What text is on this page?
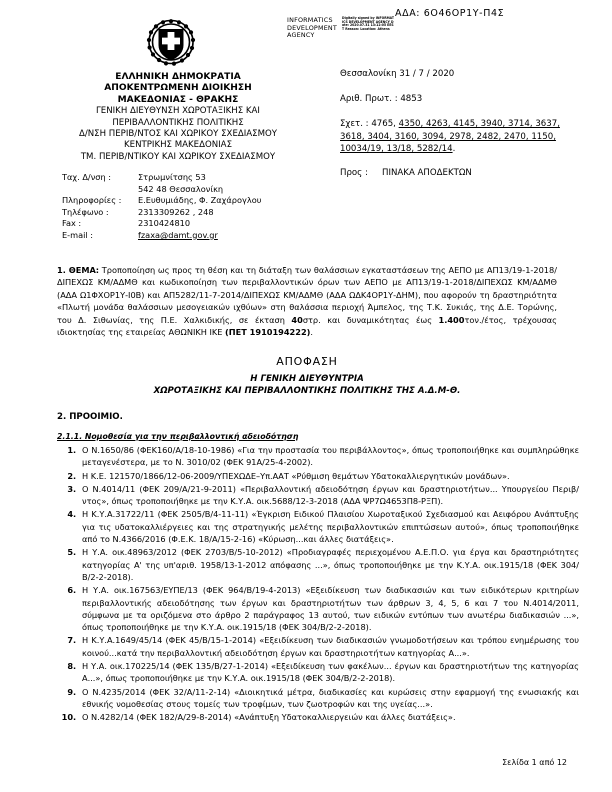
ΑΔΑ: 6Ο46ΟΡ1Υ-Π4Σ
INFORMATICS DEVELOPMENT AGENCY
Digitally signed by INFORMATICS DEVELOPMENT AGENCY Date: 2020.07.31 13:12:05 EEST Reason: Location: Athens
ΕΛΛΗΝΙΚΗ ΔΗΜΟΚΡΑΤΙΑ
ΑΠΟΚΕΝΤΡΩΜΕΝΗ ΔΙΟΙΚΗΣΗ
ΜΑΚΕΔΟΝΙΑΣ - ΘΡΑΚΗΣ
ΓΕΝΙΚΗ ΔΙΕΥΘΥΝΣΗ ΧΩΡΟΤΑΞΙΚΗΣ ΚΑΙ
ΠΕΡΙΒΑΛΛΟΝΤΙΚΗΣ ΠΟΛΙΤΙΚΗΣ
Δ/ΝΣΗ ΠΕΡΙΒ/ΝΤΟΣ ΚΑΙ ΧΩΡΙΚΟΥ ΣΧΕΔΙΑΣΜΟΥ
ΚΕΝΤΡΙΚΗΣ ΜΑΚΕΔΟΝΙΑΣ
ΤΜ. ΠΕΡΙΒ/ΝΤΙΚΟΥ ΚΑΙ ΧΩΡΙΚΟΥ ΣΧΕΔΙΑΣΜΟΥ
Ταχ. Δ/νση :	Στρωμνίτσης 53
542 48 Θεσσαλονίκη
Πληροφορίες :	Ε.Ευθυμιάδης, Φ. Ζαχάρογλου
Τηλέφωνο :	2313309262 , 248
Fax :	2310424810
E-mail :	fzaxa@damt.gov.gr
Θεσσαλονίκη 31 / 7 / 2020
Αριθ. Πρωτ. : 4853
Σχετ. : 4765, 4350, 4263, 4145, 3940, 3714, 3637, 3618, 3404, 3160, 3094, 2978, 2482, 2470, 1150, 10034/19, 13/18, 5282/14.
Προς :	ΠΙΝΑΚΑ ΑΠΟΔΕΚΤΩΝ
1. ΘΕΜΑ: Τροποποίηση ως προς τη θέση και τη διάταξη των θαλάσσιων εγκαταστάσεων της ΑΕΠΟ με ΑΠ13/19-1-2018/ΔΙΠΕΧΩΣ ΚΜ/ΑΔΜΘ και κωδικοποίηση των περιβαλλοντικών όρων των ΑΕΠΟ με ΑΠ13/19-1-2018/ΔΙΠΕΧΩΣ ΚΜ/ΑΔΜΘ (ΑΔΑ Ω1ΦΧΟΡ1Υ-Ι0Β) και ΑΠ5282/11-7-2014/ΔΙΠΕΧΩΣ ΚΜ/ΑΔΜΘ (ΑΔΑ ΩΔΚ4ΟΡ1Υ-ΔΗΜ), που αφορούν τη δραστηριότητα «Πλωτή μονάδα θαλάσσιων μεσογειακών ιχθύων» στη θαλάσσια περιοχή Άμπελος, της Τ.Κ. Συκιάς, της Δ.Ε. Τορώνης, του Δ. Σιθωνίας, της Π.Ε. Χαλκιδικής, σε έκταση 40στρ. και δυναμικότητας έως 1.400τον./έτος, τρέχουσας ιδιοκτησίας της εταιρείας ΑΘΩΝΙΚΗ ΙΚΕ (ΠΕΤ 1910194222).
ΑΠΟΦΑΣΗ
Η ΓΕΝΙΚΗ ΔΙΕΥΘΥΝΤΡΙΑ
ΧΩΡΟΤΑΞΙΚΗΣ ΚΑΙ ΠΕΡΙΒΑΛΛΟΝΤΙΚΗΣ ΠΟΛΙΤΙΚΗΣ ΤΗΣ Α.Δ.Μ-Θ.
2. ΠΡΟΟΙΜΙΟ.
2.1.1. Νομοθεσία για την περιβαλλοντική αδειοδότηση
1. Ο Ν.1650/86 (ΦΕΚ160/Α/18-10-1986) «Για την προστασία του περιβάλλοντος», όπως τροποποιήθηκε και συμπληρώθηκε μεταγενέστερα, με το Ν. 3010/02 (ΦΕΚ 91Α/25-4-2002).
2. Η Κ.Ε. 121570/1866/12-06-2009/ΥΠΕΧΩΔΕ–Υπ.ΑΑΤ «Ρύθμιση θεμάτων Υδατοκαλλιεργητικών μονάδων».
3. Ο Ν.4014/11 (ΦΕΚ 209/Α/21-9-2011) «Περιβαλλοντική αδειοδότηση έργων και δραστηριοτήτων... Υπουργείου Περιβ/ντος», όπως τροποποιήθηκε με την Κ.Υ.Α. οικ.5688/12-3-2018 (ΑΔΑ ΨΡ7Ω4653Π8-ΡΞΠ).
4. Η Κ.Υ.Α.31722/11 (ΦΕΚ 2505/Β/4-11-11) «Έγκριση Ειδικού Πλαισίου Χωροταξικού Σχεδιασμού και Αειφόρου Ανάπτυξης για τις υδατοκαλλιέργειες και της στρατηγικής μελέτης περιβαλλοντικών επιπτώσεων αυτού», όπως τροποποιήθηκε από το Ν.4366/2016 (Φ.Ε.Κ. 18/Α/15-2-16) «Κύρωση...και άλλες διατάξεις».
5. Η Υ.Α. οικ.48963/2012 (ΦΕΚ 2703/Β/5-10-2012) «Προδιαγραφές περιεχομένου Α.Ε.Π.Ο. για έργα και δραστηριότητες κατηγορίας Α' της υπ'αριθ. 1958/13-1-2012 απόφασης ...», όπως τροποποιήθηκε με την Κ.Υ.Α. οικ.1915/18 (ΦΕΚ 304/Β/2-2-2018).
6. Η Υ.Α. οικ.167563/ΕΥΠΕ/13 (ΦΕΚ 964/Β/19-4-2013) «Εξειδίκευση των διαδικασιών και των ειδικότερων κριτηρίων περιβαλλοντικής αδειοδότησης των έργων και δραστηριοτήτων των άρθρων 3, 4, 5, 6 και 7 του Ν.4014/2011, σύμφωνα με τα οριζόμενα στο άρθρο 2 παράγραφος 13 αυτού, των ειδικών εντύπων των ανωτέρω διαδικασιών ...», όπως τροποποιήθηκε με την Κ.Υ.Α. οικ.1915/18 (ΦΕΚ 304/Β/2-2-2018).
7. Η Κ.Υ.Α.1649/45/14 (ΦΕΚ 45/Β/15-1-2014) «Εξειδίκευση των διαδικασιών γνωμοδοτήσεων και τρόπου ενημέρωσης του κοινού...κατά την περιβαλλοντική αδειοδότηση έργων και δραστηριοτήτων κατηγορίας Α...».
8. Η Υ.Α. οικ.170225/14 (ΦΕΚ 135/Β/27-1-2014) «Εξειδίκευση των φακέλων... έργων και δραστηριοτήτων της κατηγορίας Α...», όπως τροποποιήθηκε με την Κ.Υ.Α. οικ.1915/18 (ΦΕΚ 304/Β/2-2-2018).
9. Ο Ν.4235/2014 (ΦΕΚ 32/Α/11-2-14) «Διοικητικά μέτρα, διαδικασίες και κυρώσεις στην εφαρμογή της ενωσιακής και εθνικής νομοθεσίας στους τομείς των τροφίμων, των ζωοτροφών και της υγείας...».
10. Ο Ν.4282/14 (ΦΕΚ 182/Α/29-8-2014) «Ανάπτυξη Υδατοκαλλιεργειών και άλλες διατάξεις».
Σελίδα 1 από 12
